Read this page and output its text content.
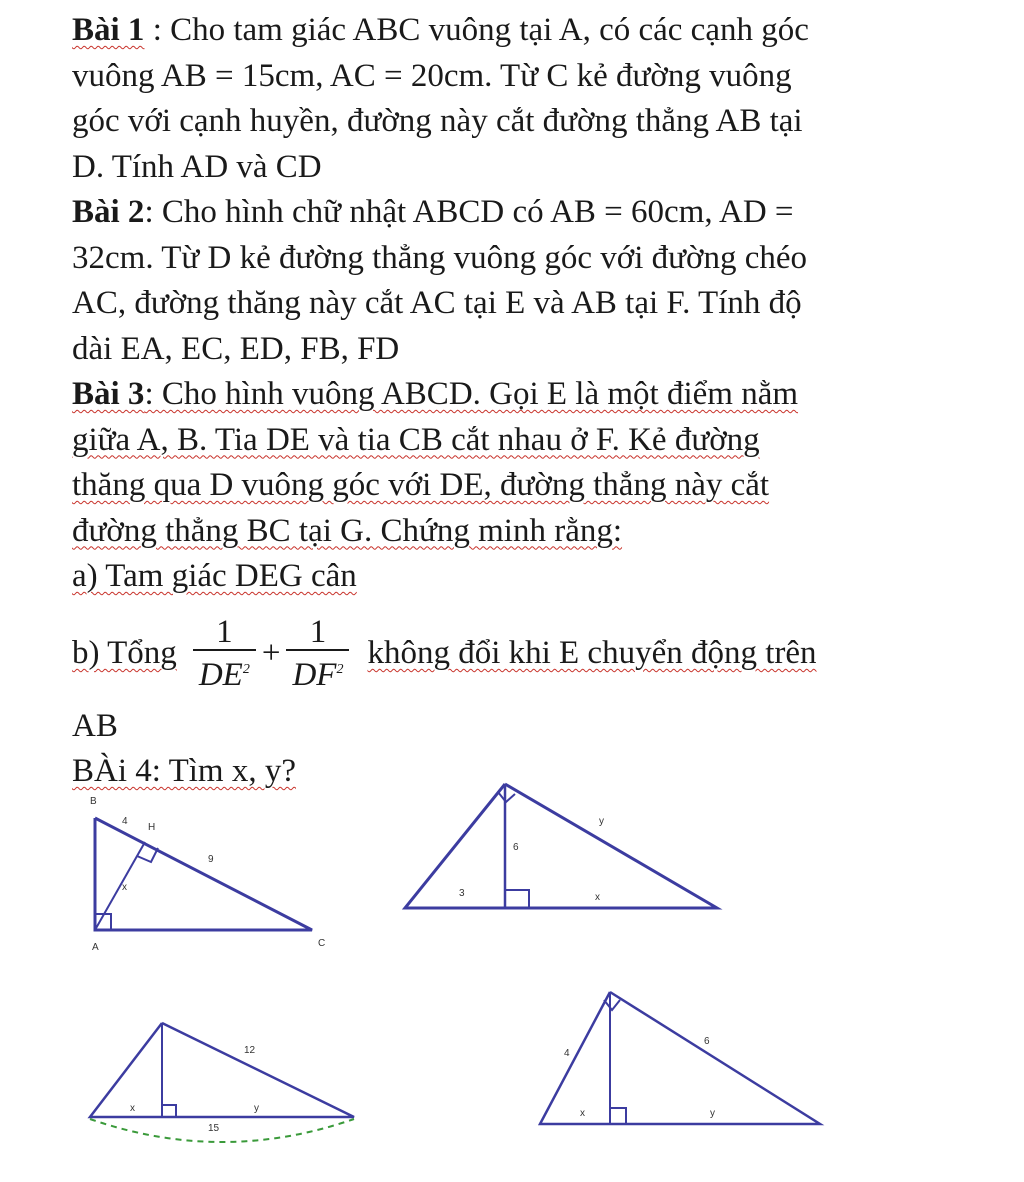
Bài 1 : Cho tam giác ABC vuông tại A, có các cạnh góc
vuông AB = 15cm, AC = 20cm. Từ C kẻ đường vuông
góc với cạnh huyền, đường này cắt đường thẳng AB tại
D. Tính AD và CD

Bài 2: Cho hình chữ nhật ABCD có AB = 60cm, AD =
32cm. Từ D kẻ đường thẳng vuông góc với đường chéo
AC, đường thăng này cắt AC tại E và AB tại F. Tính độ
dài EA, EC, ED, FB, FD

Bài 3: Cho hình vuông ABCD. Gọi E là một điểm nằm
giữa A, B. Tia DE và tia CB cắt nhau ở F. Kẻ đường
thăng qua D vuông góc với DE, đường thẳng này cắt
đường thẳng BC tại G. Chứng minh rằng:
a) Tam giác DEG cân

b) Tổng $\frac{1}{DE^2} + \frac{1}{DF^2}$ không đổi khi E chuyển động trên

AB

BÀi 4: Tìm x, y?

B
H
4
9
x
A	C
y
6
3	x
12
x	y
15
4
6
x	y
